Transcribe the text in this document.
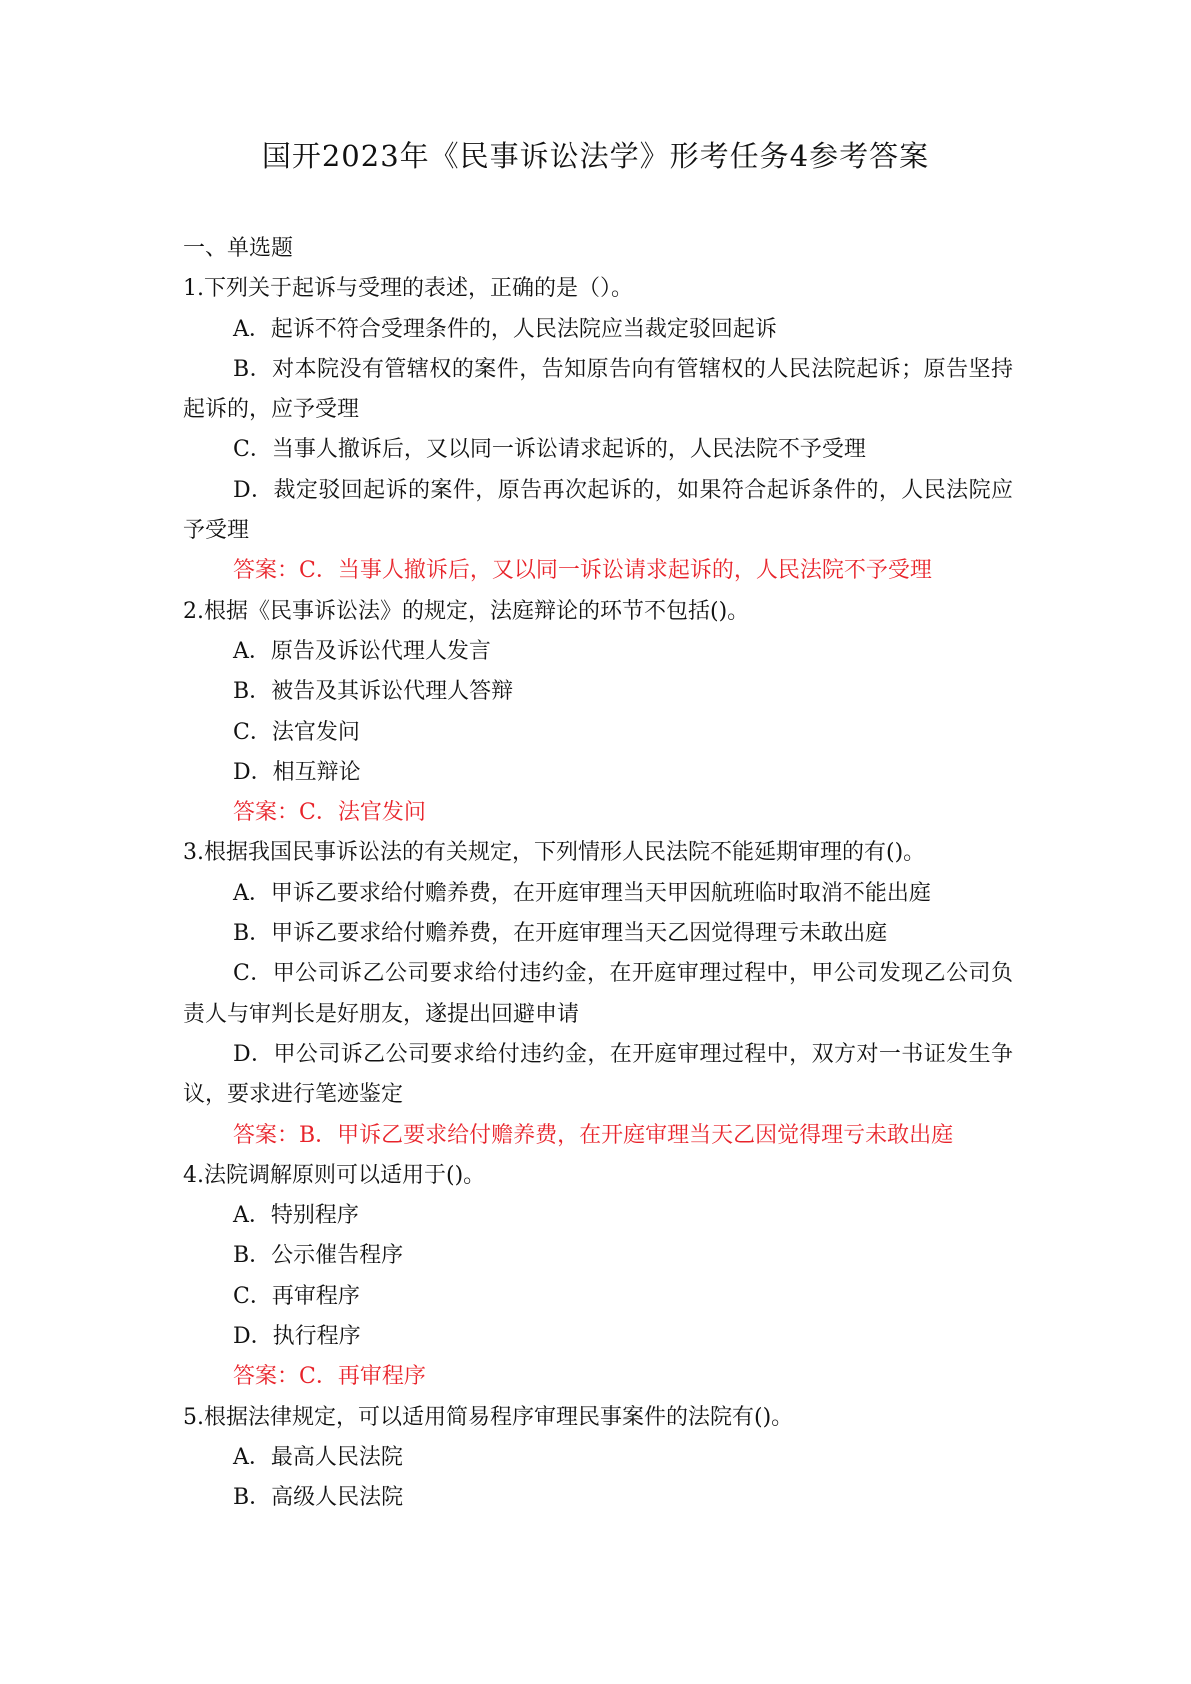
国开2023年《民事诉讼法学》形考任务4参考答案
一、单选题
1.下列关于起诉与受理的表述，正确的是（）。
A．起诉不符合受理条件的，人民法院应当裁定驳回起诉
B．对本院没有管辖权的案件，告知原告向有管辖权的人民法院起诉；原告坚持起诉的，应予受理
C．当事人撤诉后，又以同一诉讼请求起诉的，人民法院不予受理
D．裁定驳回起诉的案件，原告再次起诉的，如果符合起诉条件的，人民法院应予受理
答案：C．当事人撤诉后，又以同一诉讼请求起诉的，人民法院不予受理
2.根据《民事诉讼法》的规定，法庭辩论的环节不包括()。
A．原告及诉讼代理人发言
B．被告及其诉讼代理人答辩
C．法官发问
D．相互辩论
答案：C．法官发问
3.根据我国民事诉讼法的有关规定，下列情形人民法院不能延期审理的有()。
A．甲诉乙要求给付赡养费，在开庭审理当天甲因航班临时取消不能出庭
B．甲诉乙要求给付赡养费，在开庭审理当天乙因觉得理亏未敢出庭
C．甲公司诉乙公司要求给付违约金，在开庭审理过程中，甲公司发现乙公司负责人与审判长是好朋友，遂提出回避申请
D．甲公司诉乙公司要求给付违约金，在开庭审理过程中，双方对一书证发生争议，要求进行笔迹鉴定
答案：B．甲诉乙要求给付赡养费，在开庭审理当天乙因觉得理亏未敢出庭
4.法院调解原则可以适用于()。
A．特别程序
B．公示催告程序
C．再审程序
D．执行程序
答案：C．再审程序
5.根据法律规定，可以适用简易程序审理民事案件的法院有()。
A．最高人民法院
B．高级人民法院
